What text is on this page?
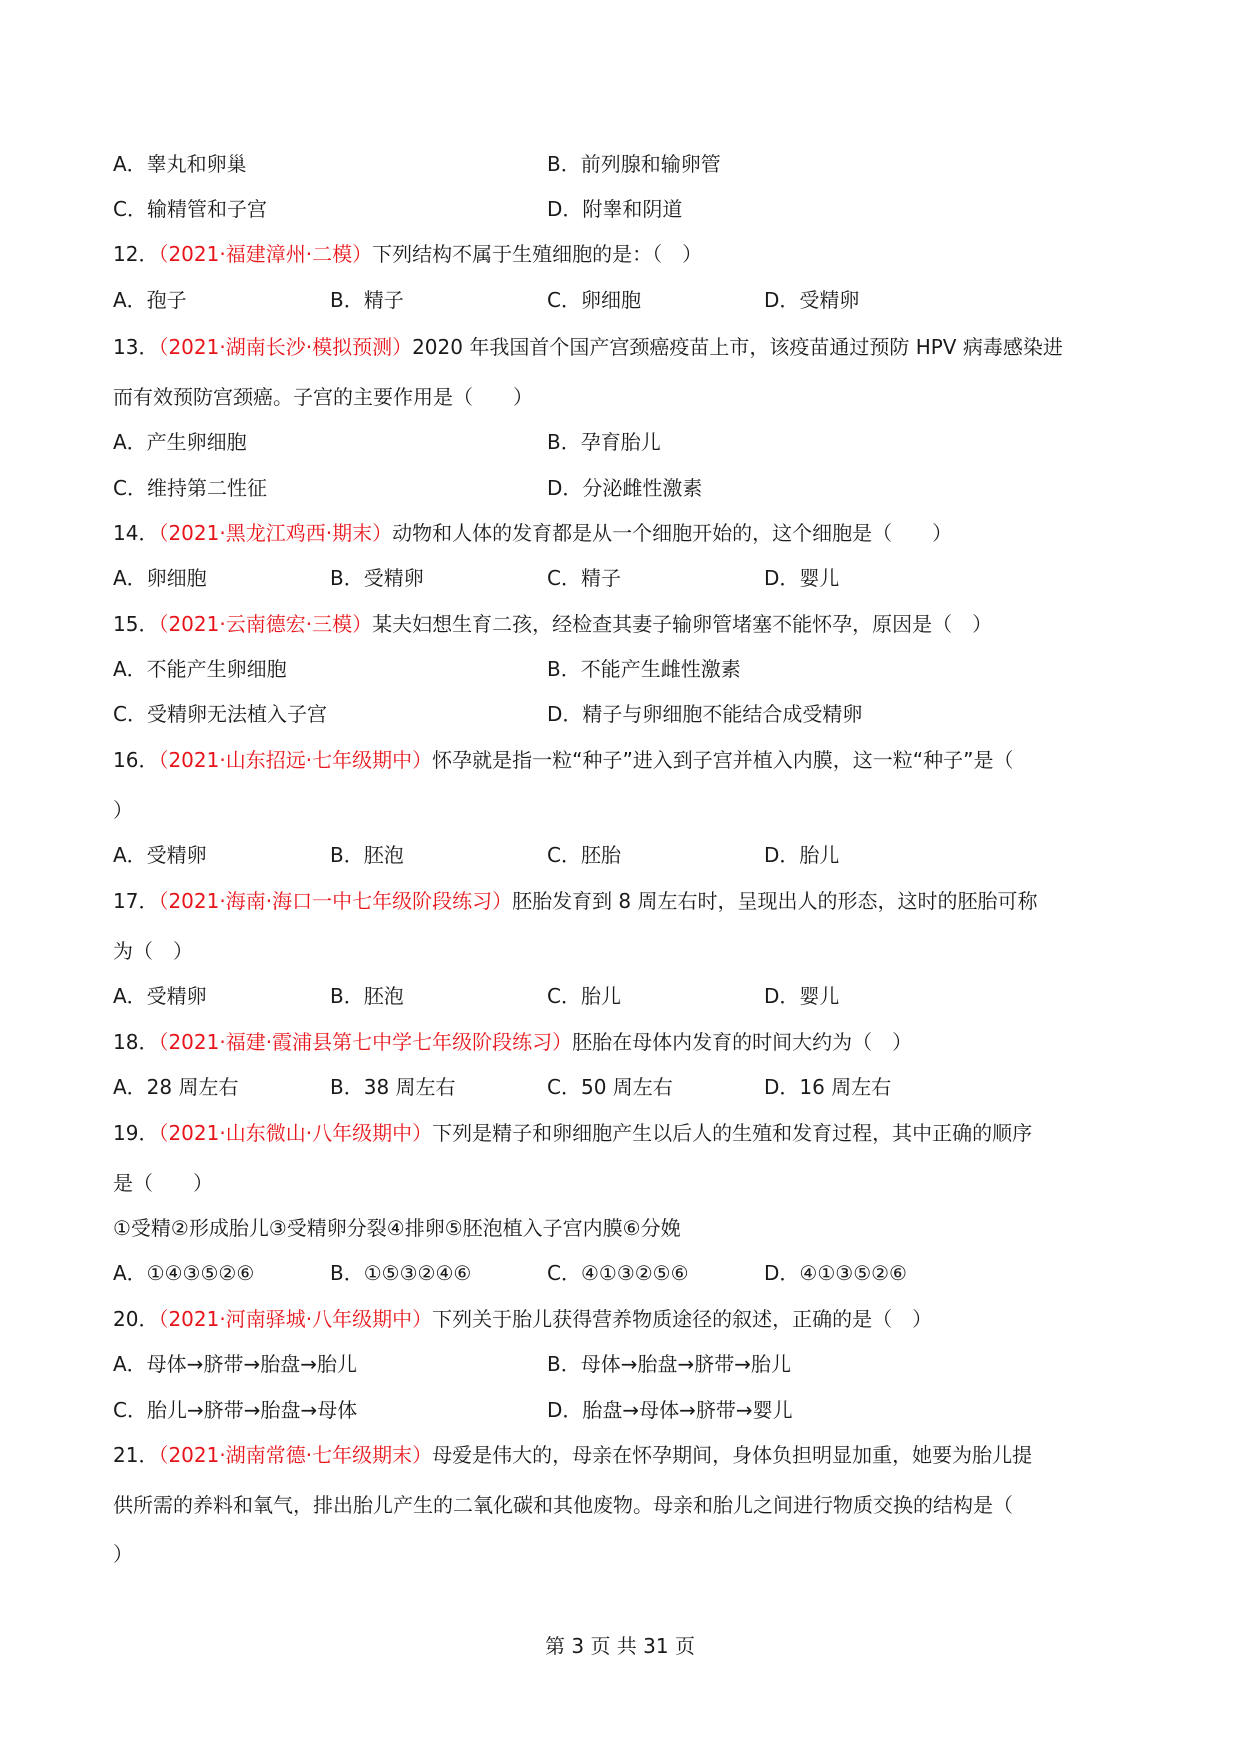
A．睾丸和卵巢	B．前列腺和输卵管
C．输精管和子宫	D．附睾和阴道
12．（2021·福建漳州·二模）下列结构不属于生殖细胞的是：（　）
A．孢子	B．精子	C．卵细胞	D．受精卵
13．（2021·湖南长沙·模拟预测）2020 年我国首个国产宫颈癌疫苗上市，该疫苗通过预防 HPV 病毒感染进
而有效预防宫颈癌。子宫的主要作用是（　　）
A．产生卵细胞	B．孕育胎儿
C．维持第二性征	D．分泌雌性激素
14．（2021·黑龙江鸡西·期末）动物和人体的发育都是从一个细胞开始的，这个细胞是（　　）
A．卵细胞	B．受精卵	C．精子	D．婴儿
15．（2021·云南德宏·三模）某夫妇想生育二孩，经检查其妻子输卵管堵塞不能怀孕，原因是（　）
A．不能产生卵细胞	B．不能产生雌性激素
C．受精卵无法植入子宫	D．精子与卵细胞不能结合成受精卵
16．（2021·山东招远·七年级期中）怀孕就是指一粒“种子”进入到子宫并植入内膜，这一粒“种子”是（
）
A．受精卵	B．胚泡	C．胚胎	D．胎儿
17．（2021·海南·海口一中七年级阶段练习）胚胎发育到 8 周左右时，呈现出人的形态，这时的胚胎可称
为（　）
A．受精卵	B．胚泡	C．胎儿	D．婴儿
18．（2021·福建·霞浦县第七中学七年级阶段练习）胚胎在母体内发育的时间大约为（　）
A．28 周左右	B．38 周左右	C．50 周左右	D．16 周左右
19．（2021·山东微山·八年级期中）下列是精子和卵细胞产生以后人的生殖和发育过程，其中正确的顺序
是（　　）
①受精②形成胎儿③受精卵分裂④排卵⑤胚泡植入子宫内膜⑥分娩
A．①④③⑤②⑥	B．①⑤③②④⑥	C．④①③②⑤⑥	D．④①③⑤②⑥
20．（2021·河南驿城·八年级期中）下列关于胎儿获得营养物质途径的叙述，正确的是（　）
A．母体→脐带→胎盘→胎儿	B．母体→胎盘→脐带→胎儿
C．胎儿→脐带→胎盘→母体	D．胎盘→母体→脐带→婴儿
21．（2021·湖南常德·七年级期末）母爱是伟大的，母亲在怀孕期间，身体负担明显加重，她要为胎儿提
供所需的养料和氧气，排出胎儿产生的二氧化碳和其他废物。母亲和胎儿之间进行物质交换的结构是（
）
第 3 页 共 31 页
